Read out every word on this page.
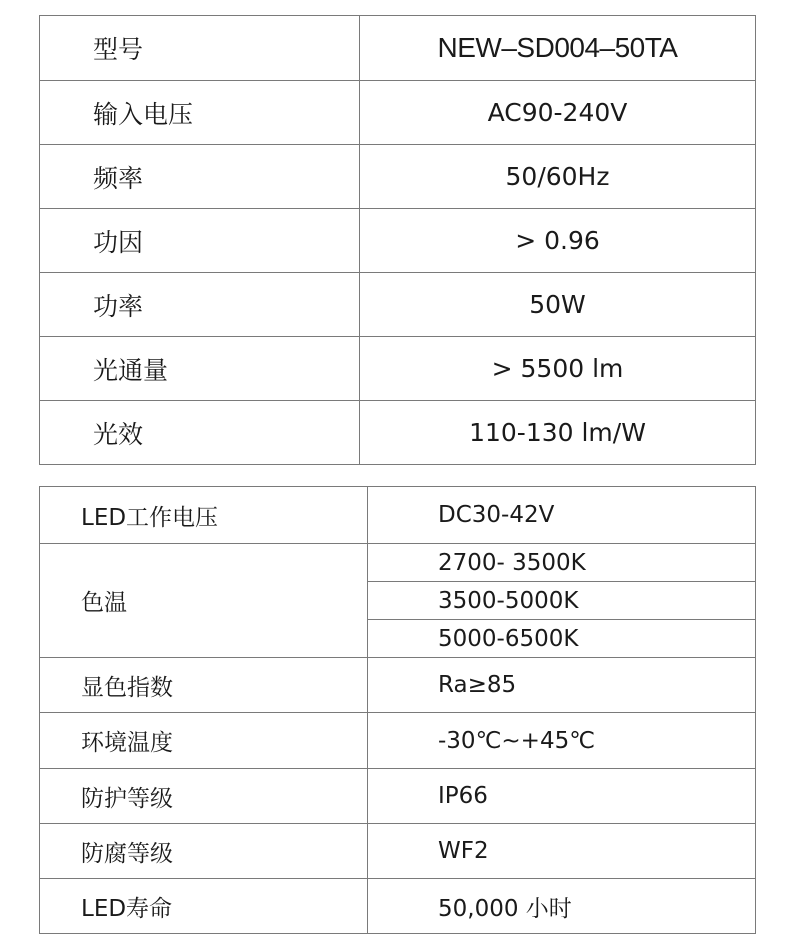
型号	NEW–SD004–50TA
输入电压	AC90-240V
频率	50/60Hz
功因	> 0.96
功率	50W
光通量	> 5500 lm
光效	110-130 lm/W
LED工作电压	DC30-42V
色温	2700- 3500K
	3500-5000K
	5000-6500K
显色指数	Ra≥85
环境温度	-30℃~+45℃
防护等级	IP66
防腐等级	WF2
LED寿命	50,000 小时
